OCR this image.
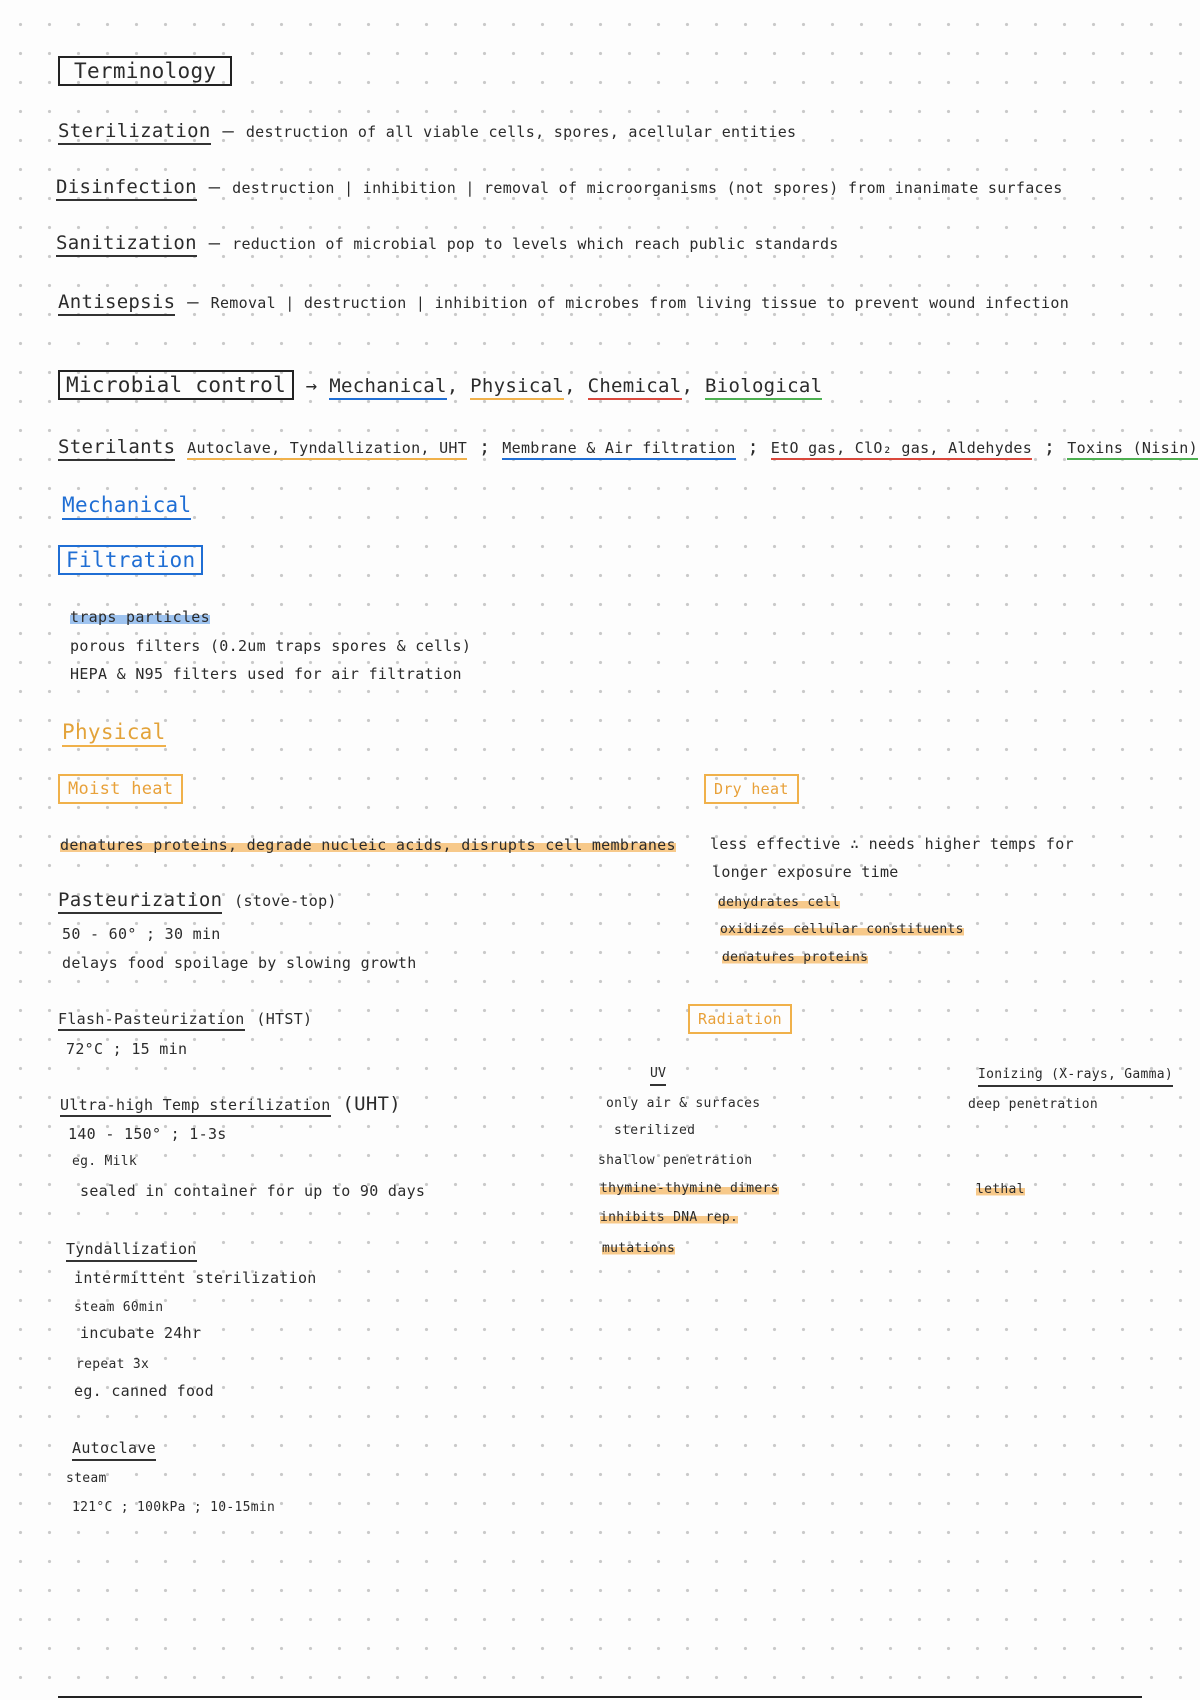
Terminology
Sterilization — destruction of all viable cells, spores, acellular entities
Disinfection — destruction | inhibition | removal of microorganisms (not spores) from inanimate surfaces
Sanitization — reduction of microbial pop to levels which reach public standards
Antisepsis — Removal | destruction | inhibition of microbes from living tissue to prevent wound infection
Microbial control → Mechanical, Physical, Chemical, Biological
Sterilants Autoclave, Tyndallization, UHT ; Membrane & Air filtration ; EtO gas, ClO₂ gas, Aldehydes ; Toxins (Nisin)
Mechanical
Filtration
traps particles
porous filters (0.2um traps spores & cells)
HEPA & N95 filters used for air filtration
Physical
Moist heat
denatures proteins, degrade nucleic acids, disrupts cell membranes
Pasteurization (stove-top)
50 - 60° ; 30 min
delays food spoilage by slowing growth
Flash-Pasteurization (HTST)
72°C ; 15 min
Ultra-high Temp sterilization (UHT)
140 - 150° ; 1-3s
eg. Milk
sealed in container for up to 90 days
Tyndallization
intermittent sterilization
steam 60min
incubate 24hr
repeat 3x
eg. canned food
Autoclave
steam
121°C ; 100kPa ; 10-15min
Dry heat
less effective ∴ needs higher temps for
longer exposure time
dehydrates cell
oxidizes cellular constituents
denatures proteins
Radiation
UV
only air & surfaces
sterilized
shallow penetration
thymine-thymine dimers
inhibits DNA rep.
mutations
Ionizing (X-rays, Gamma)
deep penetration
lethal
